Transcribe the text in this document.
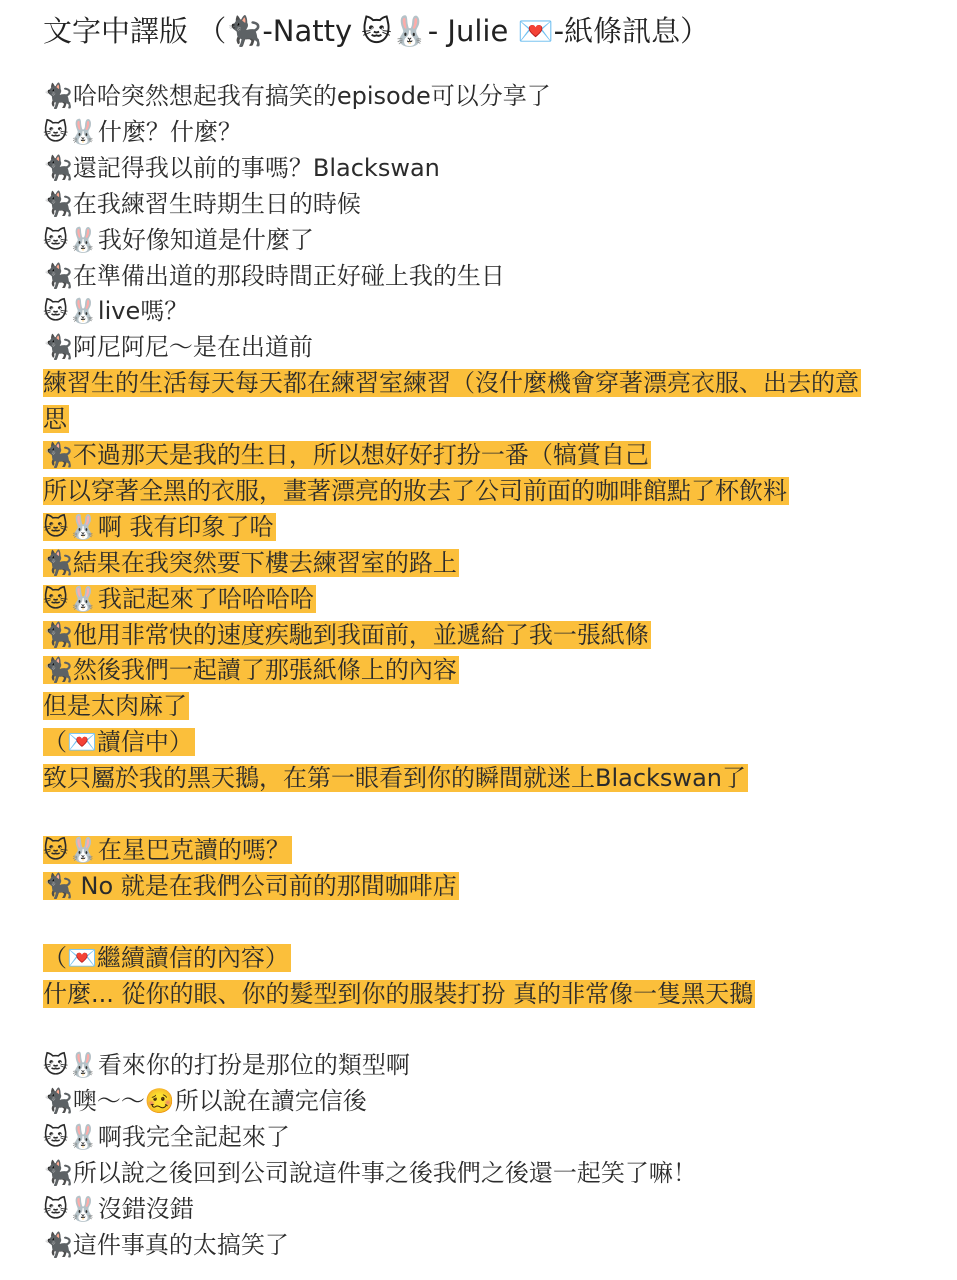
文字中譯版 （🐈‍⬛-Natty 🐱🐰- Julie 💌-紙條訊息）
🐈‍⬛哈哈突然想起我有搞笑的episode可以分享了
🐱🐰什麼？什麼？
🐈‍⬛還記得我以前的事嗎？Blackswan
🐈‍⬛在我練習生時期生日的時候
🐱🐰我好像知道是什麼了
🐈‍⬛在準備出道的那段時間正好碰上我的生日
🐱🐰live嗎？
🐈‍⬛阿尼阿尼～是在出道前
練習生的生活每天每天都在練習室練習（沒什麼機會穿著漂亮衣服、出去的意
思
🐈‍⬛不過那天是我的生日，所以想好好打扮一番（犒賞自己
所以穿著全黑的衣服，畫著漂亮的妝去了公司前面的咖啡館點了杯飲料
🐱🐰啊 我有印象了哈
🐈‍⬛結果在我突然要下樓去練習室的路上
🐱🐰我記起來了哈哈哈哈
🐈‍⬛他用非常快的速度疾馳到我面前，並遞給了我一張紙條
🐈‍⬛然後我們一起讀了那張紙條上的內容
但是太肉麻了
（💌讀信中）
致只屬於我的黑天鵝，在第一眼看到你的瞬間就迷上Blackswan了
🐱🐰在星巴克讀的嗎？
🐈‍⬛ No 就是在我們公司前的那間咖啡店
（💌繼續讀信的內容）
什麼... 從你的眼、你的髮型到你的服裝打扮 真的非常像一隻黑天鵝
🐱🐰看來你的打扮是那位的類型啊
🐈‍⬛噢～～🥴所以說在讀完信後
🐱🐰啊我完全記起來了
🐈‍⬛所以說之後回到公司說這件事之後我們之後還一起笑了嘛！
🐱🐰沒錯沒錯
🐈‍⬛這件事真的太搞笑了
